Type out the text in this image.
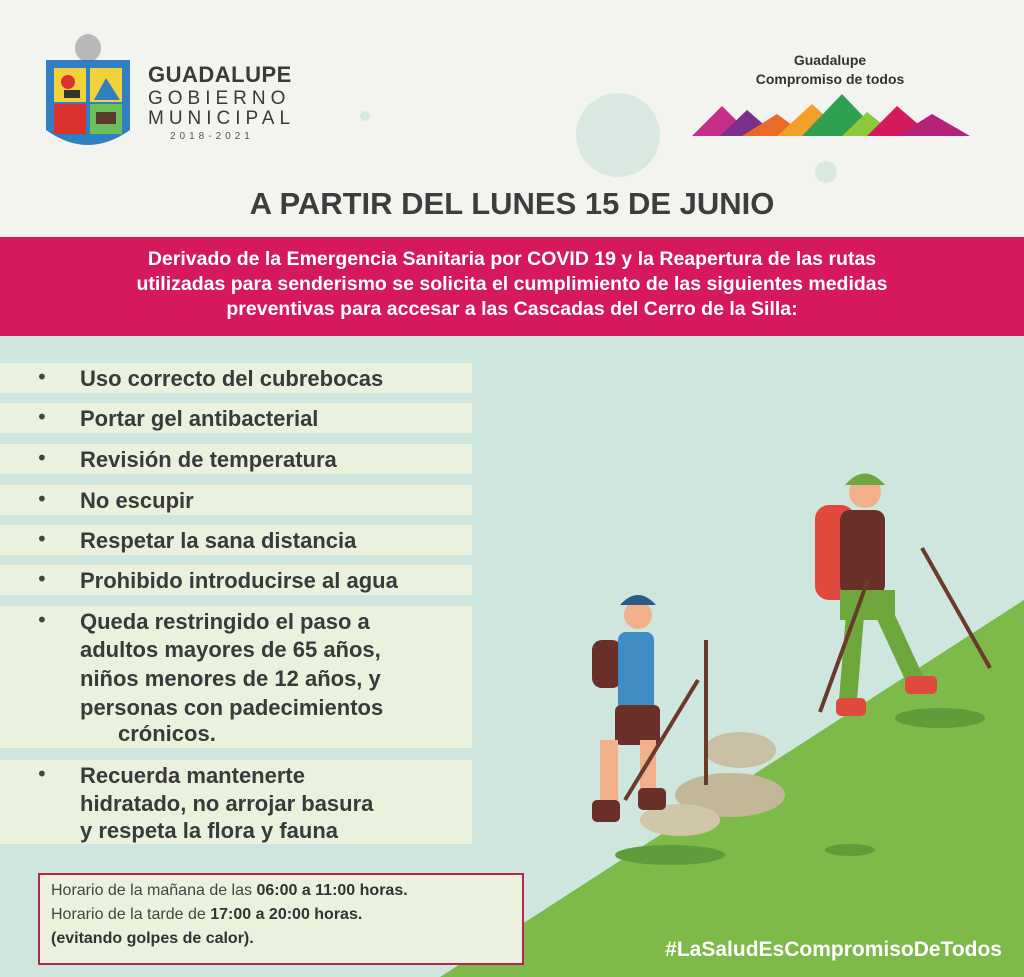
GUADALUPE
GOBIERNO
MUNICIPAL
2018-2021
Guadalupe
Compromiso de todos
A PARTIR DEL LUNES 15 DE JUNIO

Derivado de la Emergencia Sanitaria por COVID 19 y la Reapertura de las rutas

utilizadas para senderismo se solicita el cumplimiento de las siguientes medidas

preventivas para accesar a las Cascadas del Cerro de la Silla:

• Uso correcto del cubrebocas
• Portar gel antibacterial
• Revisión de temperatura
• No escupir
• Respetar la sana distancia
• Prohibido introducirse al agua
• Queda restringido el paso a
adultos mayores de 65 años,
niños menores de 12 años, y
personas con padecimientos
crónicos.
• Recuerda mantenerte
hidratado, no arrojar basura
y respeta la flora y fauna
Horario de la mañana de las 06:00 a 11:00 horas.
Horario de la tarde de 17:00 a 20:00 horas.
(evitando golpes de calor).	#LaSaludEsCompromisoDeTodos
